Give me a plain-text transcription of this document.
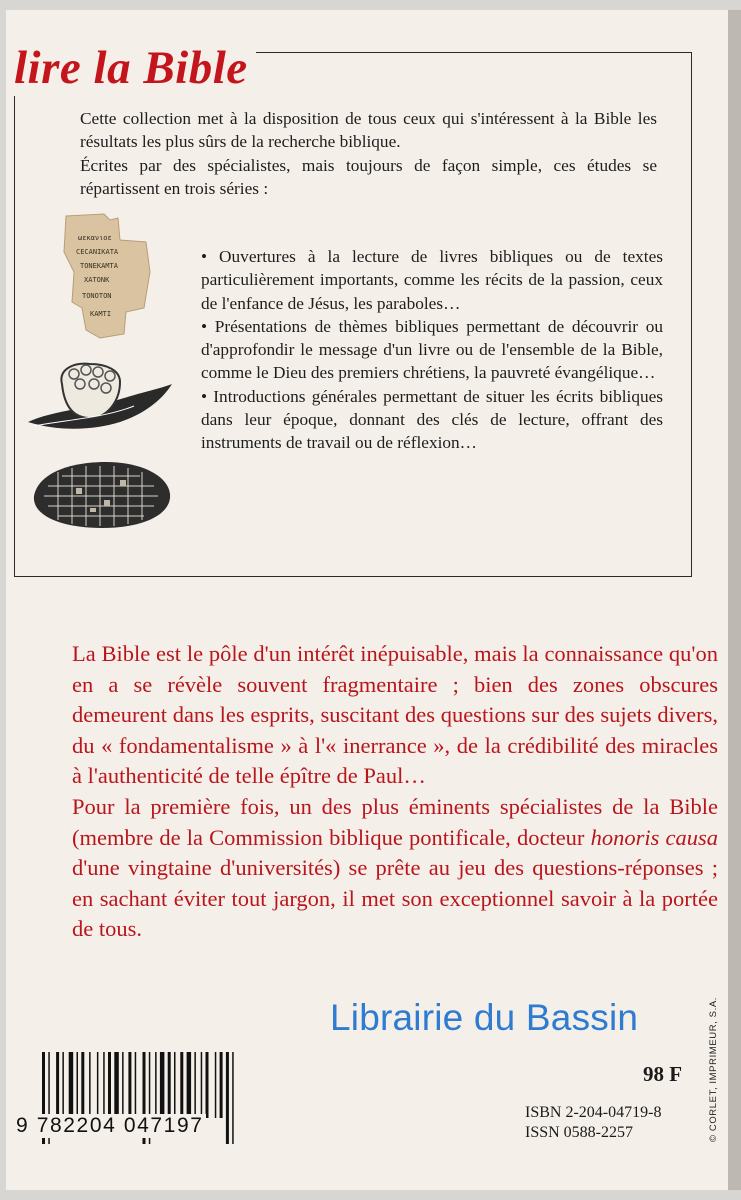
lire la Bible

Cette collection met à la disposition de tous ceux qui s'intéressent à la Bible les résultats les plus sûrs de la recherche biblique.

Écrites par des spécialistes, mais toujours de façon simple, ces études se répartissent en trois séries :

ωεκανιοε
ϹΕϹΑΝΙΚΑΤΑ
ΤΟΝΕΚΑΜΤΑ
ΧΑΤΟΝΚ
ΤΟΝΟΤΟΝ
ΚΑΜΤΙ

• Ouvertures à la lecture de livres bibliques ou de textes particulièrement importants, comme les récits de la passion, ceux de l'enfance de Jésus, les paraboles…

• Présentations de thèmes bibliques permettant de découvrir ou d'approfondir le message d'un livre ou de l'ensemble de la Bible, comme le Dieu des premiers chrétiens, la pauvreté évangélique…

• Introductions générales permettant de situer les écrits bibliques dans leur époque, donnant des clés de lecture, offrant des instruments de travail ou de réflexion…

La Bible est le pôle d'un intérêt inépuisable, mais la connaissance qu'on en a se révèle souvent fragmentaire ; bien des zones obscures demeurent dans les esprits, suscitant des questions sur des sujets divers, du « fondamentalisme » à l'« inerrance », de la crédibilité des miracles à l'authenticité de telle épître de Paul…

Pour la première fois, un des plus éminents spécialistes de la Bible (membre de la Commission biblique pontificale, docteur honoris causa d'une vingtaine d'universités) se prête au jeu des questions-réponses ; en sachant éviter tout jargon, il met son exceptionnel savoir à la portée de tous.

Librairie du Bassin
9 782204 047197
98 F
ISBN 2-204-04719-8
ISSN 0588-2257	© CORLET, IMPRIMEUR, S.A.
